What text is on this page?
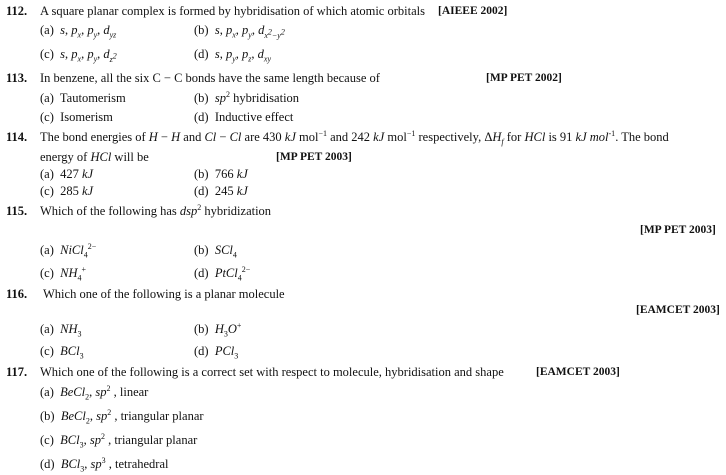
112. A square planar complex is formed by hybridisation of which atomic orbitals [AIEEE 2002]
(a) s, $p_x$, $p_y$, $d_{yz}$	(b) s, $p_x$, $p_y$, $d_{x^2-y^2}$
(c) s, $p_x$, $p_y$, $d_{z^2}$	(d) s, $p_y$, $p_z$, $d_{xy}$
113. In benzene, all the six C − C bonds have the same length because of	[MP PET 2002]
(a) Tautomerism	(b) $sp^2$ hybridisation
(c) Isomerism	(d) Inductive effect
114. The bond energies of H − H and Cl − Cl are 430 kJ mol$^{-1}$ and 242 kJ mol$^{-1}$ respectively, $\Delta H_f$ for HCl is 91 kJ mol$^{-1}$. The bond
energy of HCl will be	[MP PET 2003]
(a)  427 kJ	(b)  766 kJ
(c)  285 kJ	(d)  245 kJ
115. Which of the following has dsp$^2$ hybridization
[MP PET 2003]
(a) NiCl$_4^{2-}$	(b) SCl$_4$
(c) $NH_4^+$	(d) PtCl$_4^{2-}$
116. Which one of the following is a planar molecule
[EAMCET 2003]
(a) $NH_3$	(b) $H_3O^+$
(c) BCl$_3$	(d) PCl$_3$
117. Which one of the following is a correct set with respect to molecule, hybridisation and shape	[EAMCET 2003]
(a) BeCl$_2$, $sp^2$ , linear
(b) BeCl$_2$, $sp^2$ , triangular planar
(c) BCl$_3$, $sp^2$ , triangular planar
(d) BCl$_3$, $sp^3$ , tetrahedral
